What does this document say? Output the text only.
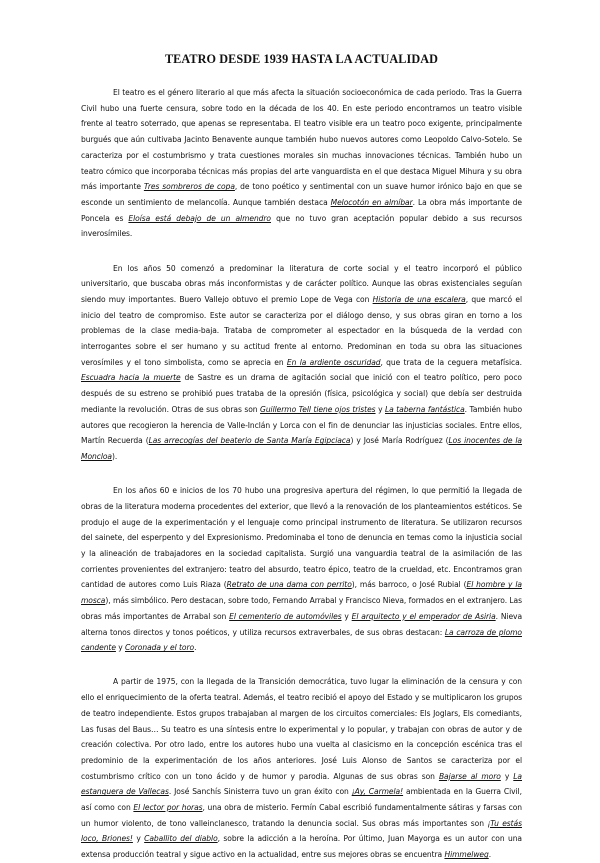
TEATRO DESDE 1939 HASTA LA ACTUALIDAD

El teatro es el género literario al que más afecta la situación socioeconómica de cada periodo. Tras la Guerra Civil hubo una fuerte censura, sobre todo en la década de los 40. En este periodo encontramos un teatro visible frente al teatro soterrado, que apenas se representaba. El teatro visible era un teatro poco exigente, principalmente burgués que aún cultivaba Jacinto Benavente aunque también hubo nuevos autores como Leopoldo Calvo-Sotelo. Se caracteriza por el costumbrismo y trata cuestiones morales sin muchas innovaciones técnicas. También hubo un teatro cómico que incorporaba técnicas más propias del arte vanguardista en el que destaca Miguel Mihura y su obra más importante Tres sombreros de copa, de tono poético y sentimental con un suave humor irónico bajo en que se esconde un sentimiento de melancolía. Aunque también destaca Melocotón en almíbar. La obra más importante de Poncela es Eloísa está debajo de un almendro que no tuvo gran aceptación popular debido a sus recursos inverosímiles.

En los años 50 comenzó a predominar la literatura de corte social y el teatro incorporó el público universitario, que buscaba obras más inconformistas y de carácter político. Aunque las obras existenciales seguían siendo muy importantes. Buero Vallejo obtuvo el premio Lope de Vega con Historia de una escalera, que marcó el inicio del teatro de compromiso. Este autor se caracteriza por el diálogo denso, y sus obras giran en torno a los problemas de la clase media-baja. Trataba de comprometer al espectador en la búsqueda de la verdad con interrogantes sobre el ser humano y su actitud frente al entorno. Predominan en toda su obra las situaciones verosímiles y el tono simbolista, como se aprecia en En la ardiente oscuridad, que trata de la ceguera metafísica. Escuadra hacia la muerte de Sastre es un drama de agitación social que inició con el teatro político, pero poco después de su estreno se prohibió pues trataba de la opresión (física, psicológica y social) que debía ser destruida mediante la revolución. Otras de sus obras son Guillermo Tell tiene ojos tristes y La taberna fantástica. También hubo autores que recogieron la herencia de Valle-Inclán y Lorca con el fin de denunciar las injusticias sociales. Entre ellos, Martín Recuerda (Las arrecogías del beaterio de Santa María Egipciaca) y José María Rodríguez (Los inocentes de la Moncloa).

En los años 60 e inicios de los 70 hubo una progresiva apertura del régimen, lo que permitió la llegada de obras de la literatura moderna procedentes del exterior, que llevó a la renovación de los planteamientos estéticos. Se produjo el auge de la experimentación y el lenguaje como principal instrumento de literatura. Se utilizaron recursos del sainete, del esperpento y del Expresionismo. Predominaba el tono de denuncia en temas como la injusticia social y la alineación de trabajadores en la sociedad capitalista. Surgió una vanguardia teatral de la asimilación de las corrientes provenientes del extranjero: teatro del absurdo, teatro épico, teatro de la crueldad, etc. Encontramos gran cantidad de autores como Luis Riaza (Retrato de una dama con perrito), más barroco, o José Rubial (El hombre y la mosca), más simbólico. Pero destacan, sobre todo, Fernando Arrabal y Francisco Nieva, formados en el extranjero. Las obras más importantes de Arrabal son El cementerio de automóviles y El arquitecto y el emperador de Asiria. Nieva alterna tonos directos y tonos poéticos, y utiliza recursos extraverbales, de sus obras destacan: La carroza de plomo candente y Coronada y el toro.

A partir de 1975, con la llegada de la Transición democrática, tuvo lugar la eliminación de la censura y con ello el enriquecimiento de la oferta teatral. Además, el teatro recibió el apoyo del Estado y se multiplicaron los grupos de teatro independiente. Estos grupos trabajaban al margen de los circuitos comerciales: Els Joglars, Els comediants, Las fusas del Baus… Su teatro es una síntesis entre lo experimental y lo popular, y trabajan con obras de autor y de creación colectiva. Por otro lado, entre los autores hubo una vuelta al clasicismo en la concepción escénica tras el predominio de la experimentación de los años anteriores. José Luis Alonso de Santos se caracteriza por el costumbrismo crítico con un tono ácido y de humor y parodia. Algunas de sus obras son Bajarse al moro y La estanquera de Vallecas. José Sanchís Sinisterra tuvo un gran éxito con ¡Ay, Carmela! ambientada en la Guerra Civil, así como con El lector por horas, una obra de misterio. Fermín Cabal escribió fundamentalmente sátiras y farsas con un humor violento, de tono valleinclanesco, tratando la denuncia social. Sus obras más importantes son ¡Tu estás loco, Briones! y Caballito del diablo, sobre la adicción a la heroína. Por último, Juan Mayorga es un autor con una extensa producción teatral y sigue activo en la actualidad, entre sus mejores obras se encuentra Himmelweg.
